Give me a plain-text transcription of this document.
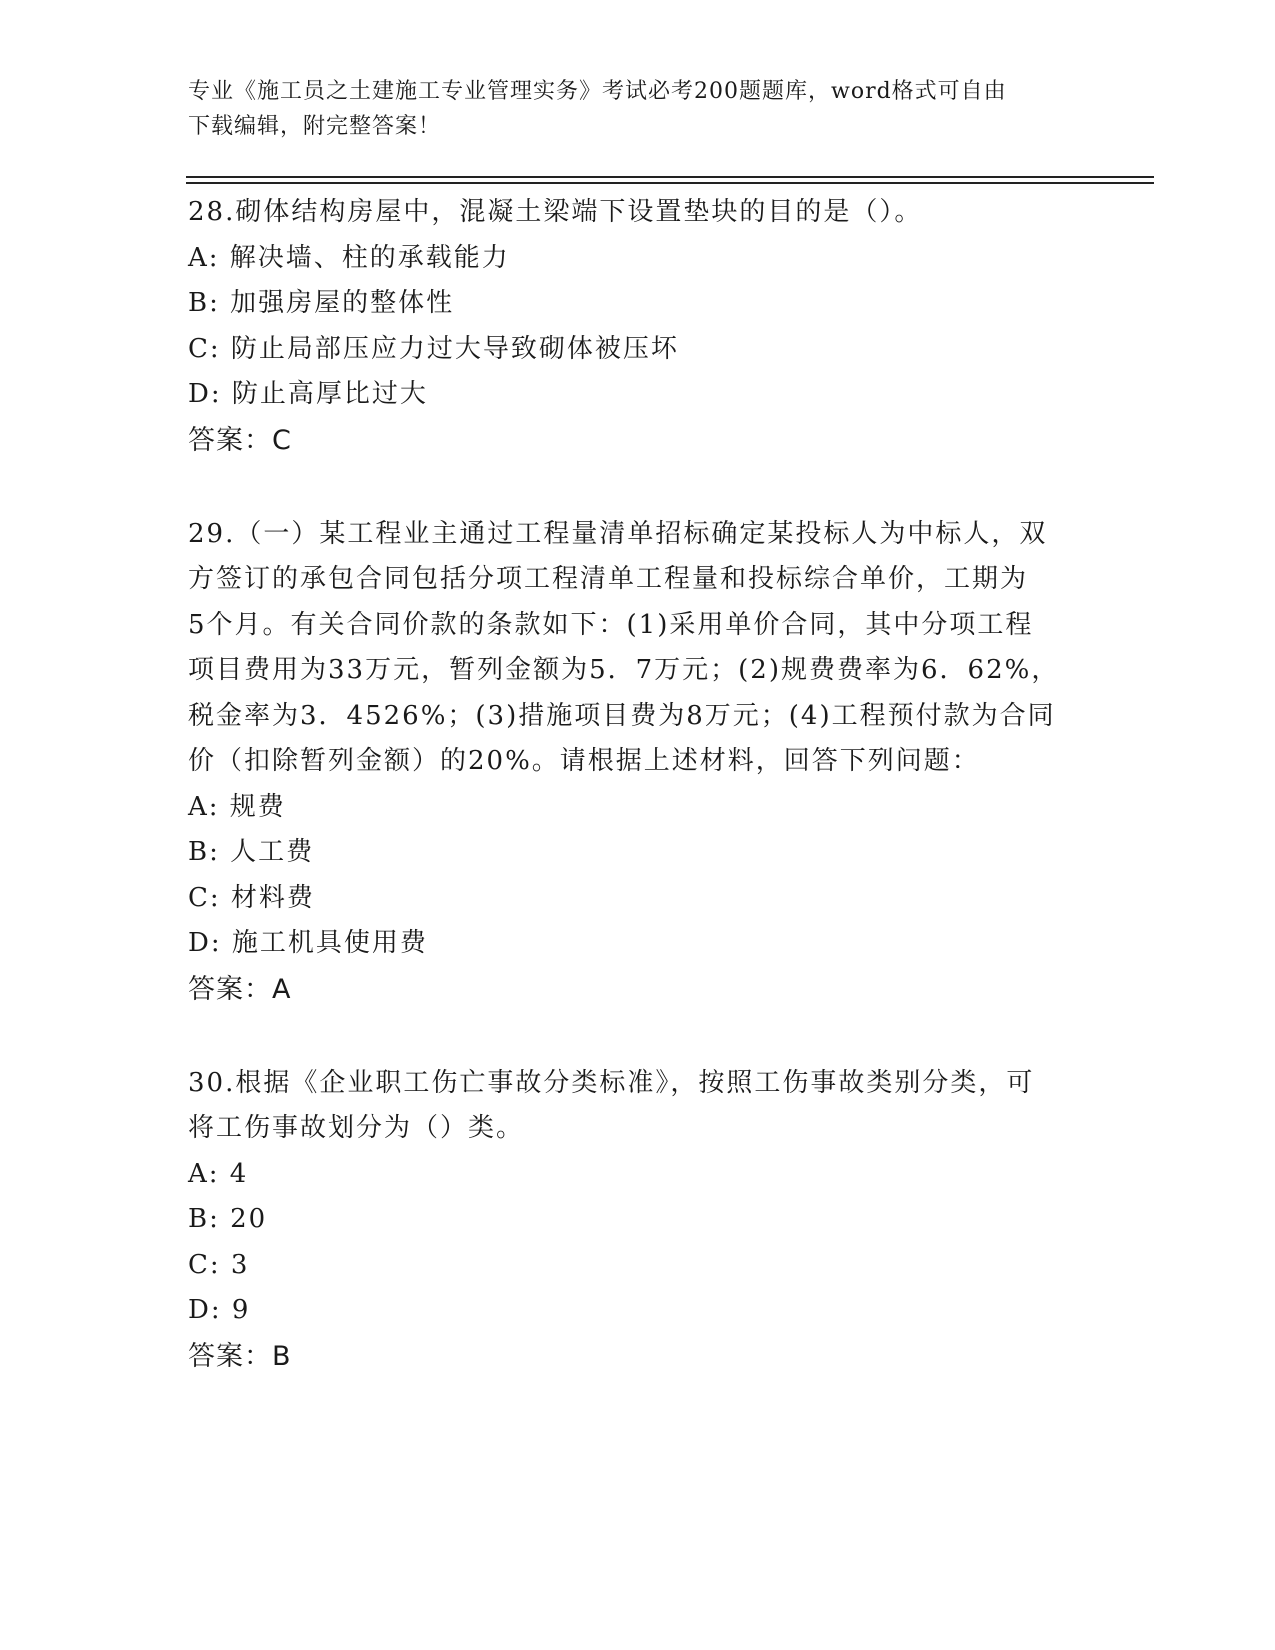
专业《施工员之土建施工专业管理实务》考试必考200题题库，word格式可自由
下载编辑，附完整答案！
28.砌体结构房屋中，混凝土梁端下设置垫块的目的是（）。
A: 解决墙、柱的承载能力
B: 加强房屋的整体性
C: 防止局部压应力过大导致砌体被压坏
D: 防止高厚比过大
答案：C
29.（一）某工程业主通过工程量清单招标确定某投标人为中标人，双
方签订的承包合同包括分项工程清单工程量和投标综合单价，工期为
5个月。有关合同价款的条款如下：(1)采用单价合同，其中分项工程
项目费用为33万元，暂列金额为5．7万元；(2)规费费率为6．62%，
税金率为3．4526%；(3)措施项目费为8万元；(4)工程预付款为合同
价（扣除暂列金额）的20%。请根据上述材料，回答下列问题：
A: 规费
B: 人工费
C: 材料费
D: 施工机具使用费
答案：A
30.根据《企业职工伤亡事故分类标准》，按照工伤事故类别分类，可
将工伤事故划分为（）类。
A: 4
B: 20
C: 3
D: 9
答案：B
